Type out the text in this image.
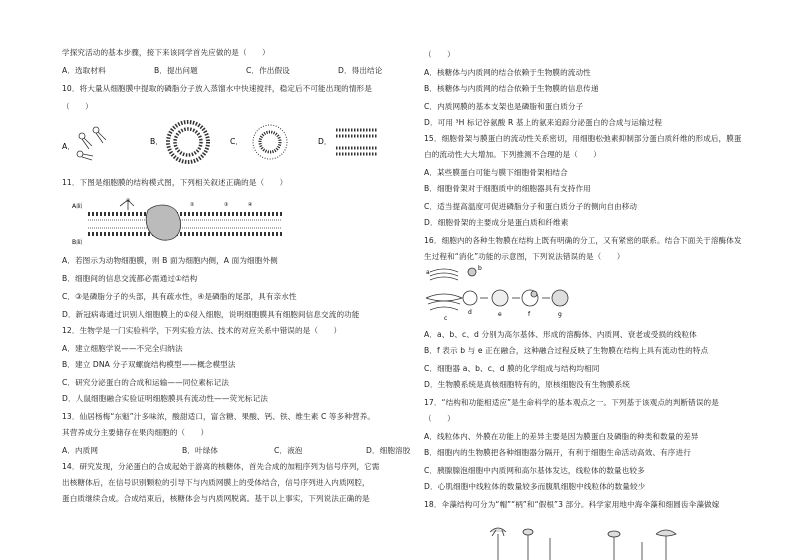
学探究活动的基本步骤，接下来该同学首先应做的是（　　）
A．选取材料	B．提出问题	C．作出假设	D．得出结论
10．将大量从细胞膜中提取的磷脂分子放入蒸馏水中快速搅拌，稳定后不可能出现的情形是
（　　）
A．
B．	C．	D．
11．下图是细胞膜的结构模式图，下列相关叙述正确的是（　　）
A面
B面
①
②	③	④
A．若图示为动物细胞膜，则 B 面为细胞内侧，A 面为细胞外侧
B．细胞间的信息交流都必需通过①结构
C．③是磷脂分子的头部，具有疏水性，④是磷脂的尾部，具有亲水性
D．新冠病毒通过识别人细胞膜上的①侵入细胞，说明细胞膜具有细胞间信息交流的功能
12．生物学是一门实验科学，下列实验方法、技术的对应关系中错误的是（　　）
A．建立细胞学说——不完全归纳法
B．建立 DNA 分子双螺旋结构模型——概念模型法
C．研究分泌蛋白的合成和运输——同位素标记法
D．人鼠细胞融合实验证明细胞膜具有流动性——荧光标记法
13．仙居杨梅“东魁”汁多味浓，酸甜适口，富含糖、果酸、钙、铁、维生素 C 等多种营养。
其营养成分主要储存在果肉细胞的（　　）
A．内质网	B．叶绿体	C．液泡	D．细胞溶胶
14．研究发现，分泌蛋白的合成起始于游离的核糖体，首先合成的加粗序列为信号序列，它需
出核糖体后，在信号识别颗粒的引导下与内质网膜上的受体结合，信号序列进入内质网腔，
蛋白质继续合成。合成结束后，核糖体会与内质网脱离。基于以上事实，下列说法正确的是
（　　）
A．核糖体与内质网的结合依赖于生物膜的流动性
B．核糖体与内质网的结合依赖于生物膜的信息传递
C．内质网膜的基本支架也是磷脂和蛋白质分子
D．可用 ³H 标记谷氨酸 R 基上的氨来追踪分泌蛋白的合成与运输过程
15．细胞骨架与膜蛋白的流动性关系密切，用细胞松弛素抑制部分蛋白质纤维的形成后，膜蛋
白的流动性大大增加。下列推测不合理的是（　　）
A．某些膜蛋白可能与膜下细胞骨架相结合
B．细胞骨架对于细胞质中的细胞器具有支持作用
C．适当提高温度可促进磷脂分子和蛋白质分子的侧向自由移动
D．细胞骨架的主要成分是蛋白质和纤维素
16．细胞内的各种生物膜在结构上既有明确的分工，又有紧密的联系。结合下面关于溶酶体发
生过程和“消化”功能的示意图，下列说法错误的是（　　）
a
b
c
d	e	f	g
A．a、b、c、d 分别为高尔基体、形成的溶酶体、内质网、衰老或受损的线粒体
B．f 表示 b 与 e 正在融合，这种融合过程反映了生物膜在结构上具有流动性的特点
C．细胞器 a、b、c、d 膜的化学组成与结构均相同
D．生物膜系统是真核细胞特有的，原核细胞没有生物膜系统
17．“结构和功能相适应”是生命科学的基本观点之一。下列基于该观点的判断错误的是
（　　）
A．线粒体内、外膜在功能上的差异主要是因为膜蛋白及磷脂的种类和数量的差异
B．细胞内的生物膜把各种细胞器分隔开，有利于细胞生命活动高效、有序进行
C．胰腺腺泡细胞中内质网和高尔基体发达，线粒体的数量也较多
D．心肌细胞中线粒体的数量较多而腹肌细胞中线粒体的数量较少
18．伞藻结构可分为“帽”“柄”和“假根”3 部分。科学家用地中海伞藻和细圆齿伞藻做嫁
